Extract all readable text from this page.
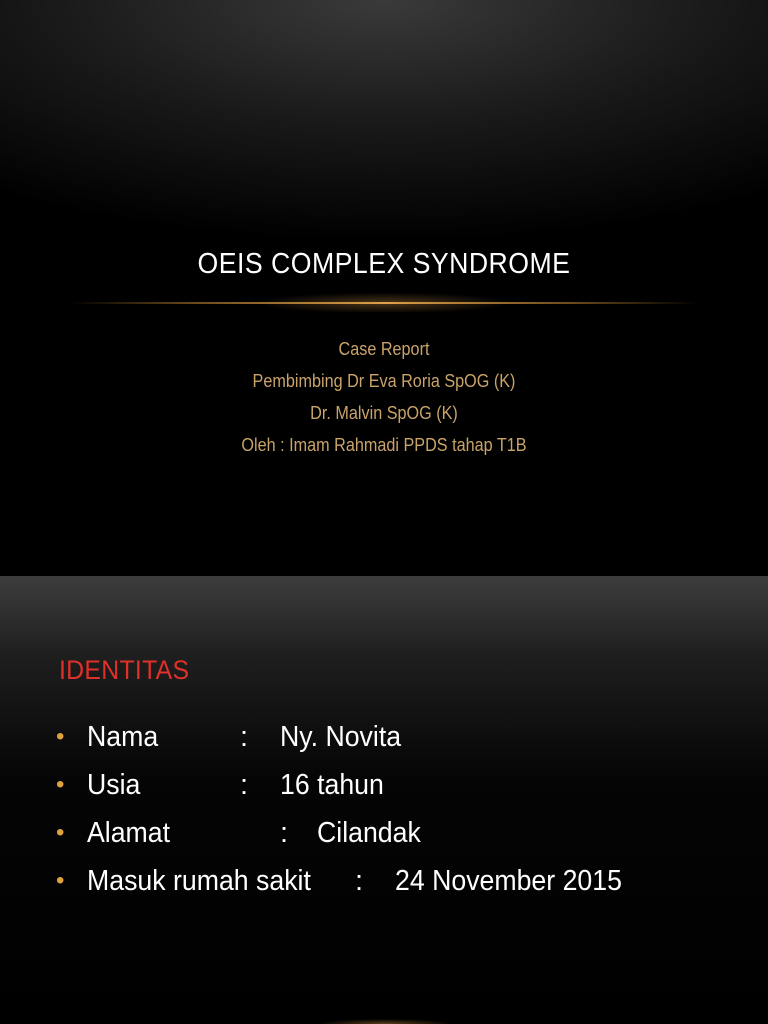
OEIS COMPLEX SYNDROME
Case Report
Pembimbing Dr Eva Roria SpOG (K)
Dr. Malvin SpOG (K)
Oleh : Imam Rahmadi PPDS tahap T1B
IDENTITAS
• Nama	: Ny. Novita
• Usia	: 16 tahun
• Alamat	: Cilandak
• Masuk rumah sakit : 24 November 2015
